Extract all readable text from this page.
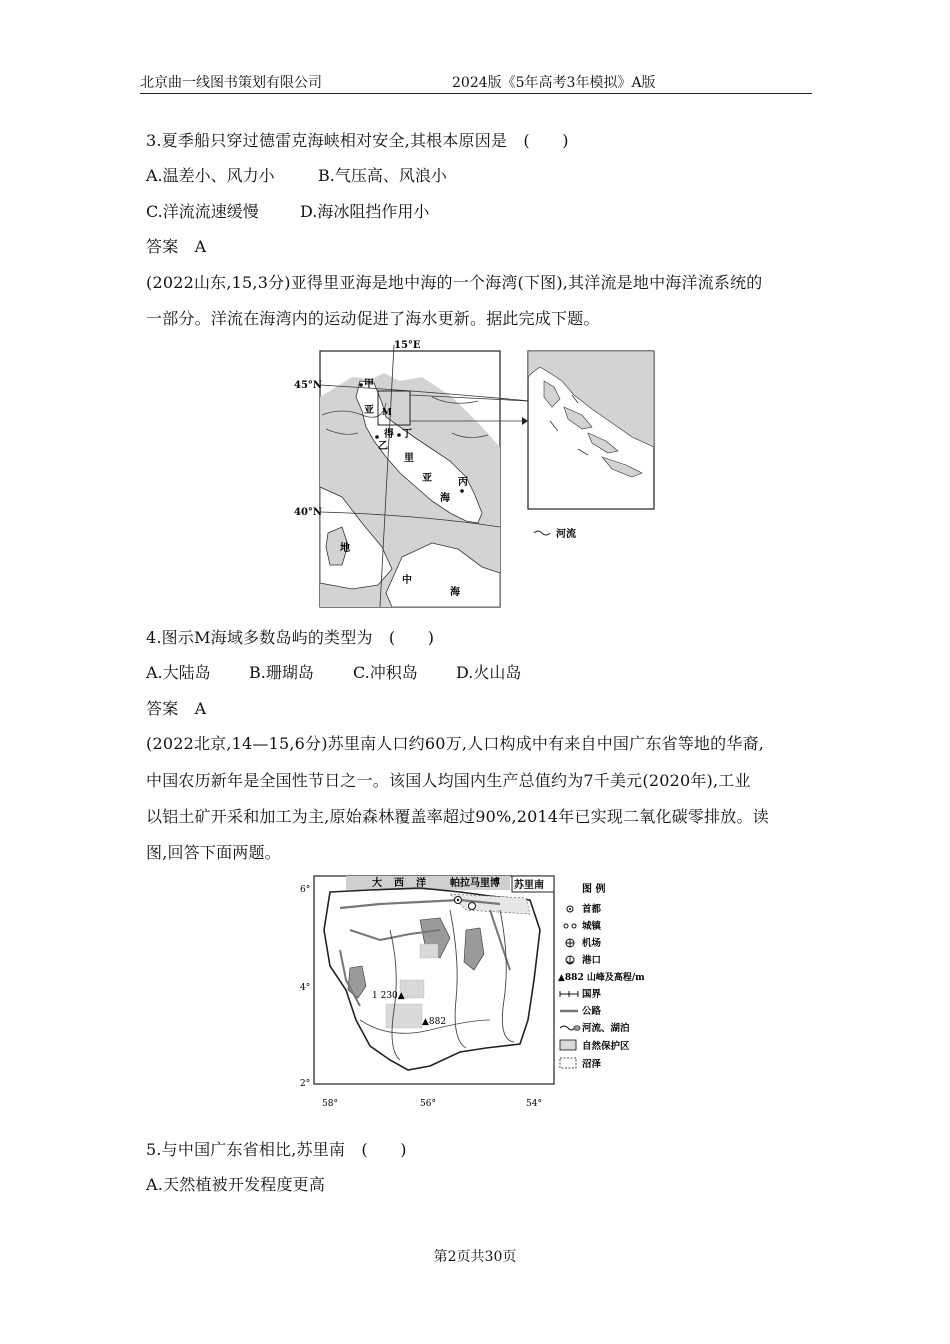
北京曲一线图书策划有限公司	2024版《5年高考3年模拟》A版
3.夏季船只穿过德雷克海峡相对安全,其根本原因是　(　　)
A.温差小、风力小	B.气压高、风浪小
C.洋流流速缓慢	D.海冰阻挡作用小
答案　A
(2022山东,15,3分)亚得里亚海是地中海的一个海湾(下图),其洋流是地中海洋流系统的
一部分。洋流在海湾内的运动促进了海水更新。据此完成下题。
15°E
45°N
40°N
甲
亚 M
得
乙
丁
里
亚
海
丙
地
中
海
河流
4.图示M海域多数岛屿的类型为　(　　)
A.大陆岛 B.珊瑚岛 C.冲积岛 D.火山岛
答案　A
(2022北京,14—15,6分)苏里南人口约60万,人口构成中有来自中国广东省等地的华裔,
中国农历新年是全国性节日之一。该国人均国内生产总值约为7千美元(2020年),工业
以铝土矿开采和加工为主,原始森林覆盖率超过90%,2014年已实现二氧化碳零排放。读
图,回答下面两题。
大 西 洋 帕拉马里博 苏里南
6°
4°
2°
58°	56°	54°
1 230▲
▲882
图 例
首都
城镇
机场
港口
▲882 山峰及高程/m
国界
公路
河流、湖泊
自然保护区
沼泽
5.与中国广东省相比,苏里南　(　　)
A.天然植被开发程度更高
第2页共30页
